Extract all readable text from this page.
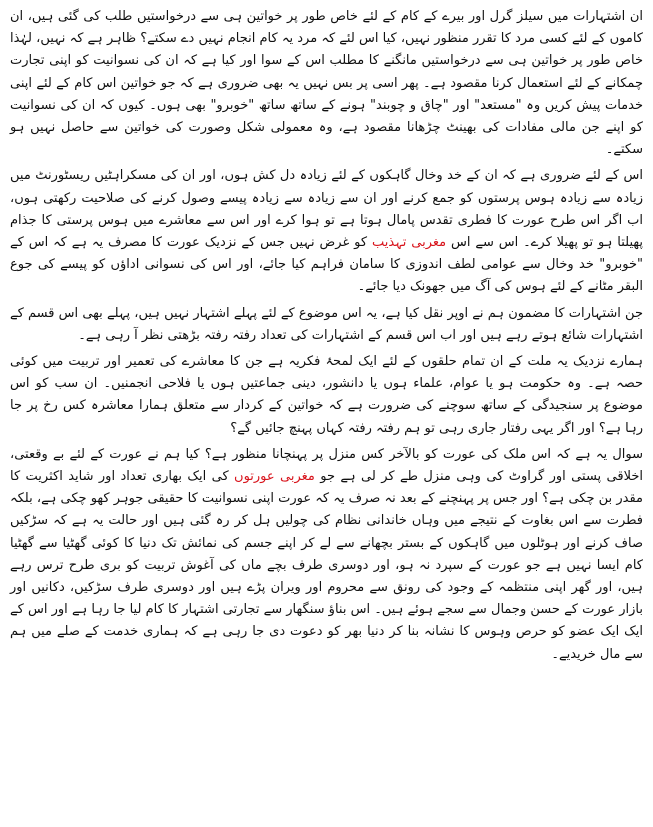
ان اشتہارات میں سیلز گرل اور بیرے کے کام کے لئے خاص طور پر خواتین ہی سے درخواستیں طلب کی گئی ہیں، ان کاموں کے لئے کسی مرد کا تقرر منظور نہیں، کیا اس لئے کہ مرد یہ کام انجام نہیں دے سکتے؟ ظاہر ہے کہ نہیں، لہٰذا خاص طور پر خواتین ہی سے درخواستیں مانگنے کا مطلب اس کے سوا اور کیا ہے کہ ان کی نسوانیت کو اپنی تجارت چمکانے کے لئے استعمال کرنا مقصود ہے۔ پھر اسی پر بس نہیں یہ بھی ضروری ہے کہ جو خواتین اس کام کے لئے اپنی خدمات پیش کریں وہ "مستعد" اور "چاق و چوبند" ہونے کے ساتھ ساتھ "خوبرو" بھی ہوں۔ کیوں کہ ان کی نسوانیت کو اپنے جن مالی مفادات کی بھینٹ چڑھانا مقصود ہے، وہ معمولی شکل وصورت کی خواتین سے حاصل نہیں ہو سکتے۔

اس کے لئے ضروری ہے کہ ان کے خد وخال گاہکوں کے لئے زیادہ دل کش ہوں، اور ان کی مسکراہٹیں ریسٹورنٹ میں زیادہ سے زیادہ ہوس پرستوں کو جمع کرنے اور ان سے زیادہ سے زیادہ پیسے وصول کرنے کی صلاحیت رکھتی ہوں، اب اگر اس طرح عورت کا فطری تقدس پامال ہوتا ہے تو ہوا کرے اور اس سے معاشرے میں ہوس پرستی کا جذام پھیلتا ہو تو پھیلا کرے۔ اس سے اس مغربی تہذیب کو غرض نہیں جس کے نزدیک عورت کا مصرف یہ ہے کہ اس کے "خوبرو" خد وخال سے عوامی لطف اندوزی کا سامان فراہم کیا جائے، اور اس کی نسوانی اداؤں کو پیسے کی جوع البقر مٹانے کے لئے ہوس کی آگ میں جھونک دیا جائے۔

جن اشتہارات کا مضمون ہم نے اوپر نقل کیا ہے، یہ اس موضوع کے لئے پہلے اشتہار نہیں ہیں، پہلے بھی اس قسم کے اشتہارات شائع ہوتے رہے ہیں اور اب اس قسم کے اشتہارات کی تعداد رفتہ رفتہ بڑھتی نظر آ رہی ہے۔

ہمارے نزدیک یہ ملت کے ان تمام حلقوں کے لئے ایک لمحۂ فکریہ ہے جن کا معاشرے کی تعمیر اور تربیت میں کوئی حصہ ہے۔ وہ حکومت ہو یا عوام، علماء ہوں یا دانشور، دینی جماعتیں ہوں یا فلاحی انجمنیں۔ ان سب کو اس موضوع پر سنجیدگی کے ساتھ سوچنے کی ضرورت ہے کہ خواتین کے کردار سے متعلق ہمارا معاشرہ کس رخ پر جا رہا ہے؟ اور اگر یہی رفتار جاری رہی تو ہم رفتہ رفتہ کہاں پہنچ جائیں گے؟

سوال یہ ہے کہ اس ملک کی عورت کو بالآخر کس منزل پر پہنچانا منظور ہے؟ کیا ہم نے عورت کے لئے بے وقعتی، اخلاقی پستی اور گراوٹ کی وہی منزل طے کر لی ہے جو مغربی عورتوں کی ایک بھاری تعداد اور شاید اکثریت کا مقدر بن چکی ہے؟ اور جس پر پہنچنے کے بعد نہ صرف یہ کہ عورت اپنی نسوانیت کا حقیقی جوہر کھو چکی ہے، بلکہ فطرت سے اس بغاوت کے نتیجے میں وہاں خاندانی نظام کی چولیں ہل کر رہ گئی ہیں اور حالت یہ ہے کہ سڑکیں صاف کرنے اور ہوٹلوں میں گاہکوں کے بستر بچھانے سے لے کر اپنے جسم کی نمائش تک دنیا کا کوئی گھٹیا سے گھٹیا کام ایسا نہیں ہے جو عورت کے سپرد نہ ہو، اور دوسری طرف بچے ماں کی آغوش تربیت کو بری طرح ترس رہے ہیں، اور گھر اپنی منتظمہ کے وجود کی رونق سے محروم اور ویران پڑے ہیں اور دوسری طرف سڑکیں، دکانیں اور بازار عورت کے حسن وجمال سے سجے ہوئے ہیں۔ اس بناؤ سنگھار سے تجارتی اشتہار کا کام لیا جا رہا ہے اور اس کے ایک ایک عضو کو حرص وہوس کا نشانہ بنا کر دنیا بھر کو دعوت دی جا رہی ہے کہ ہماری خدمت کے صلے میں ہم سے مال خریدیے۔
